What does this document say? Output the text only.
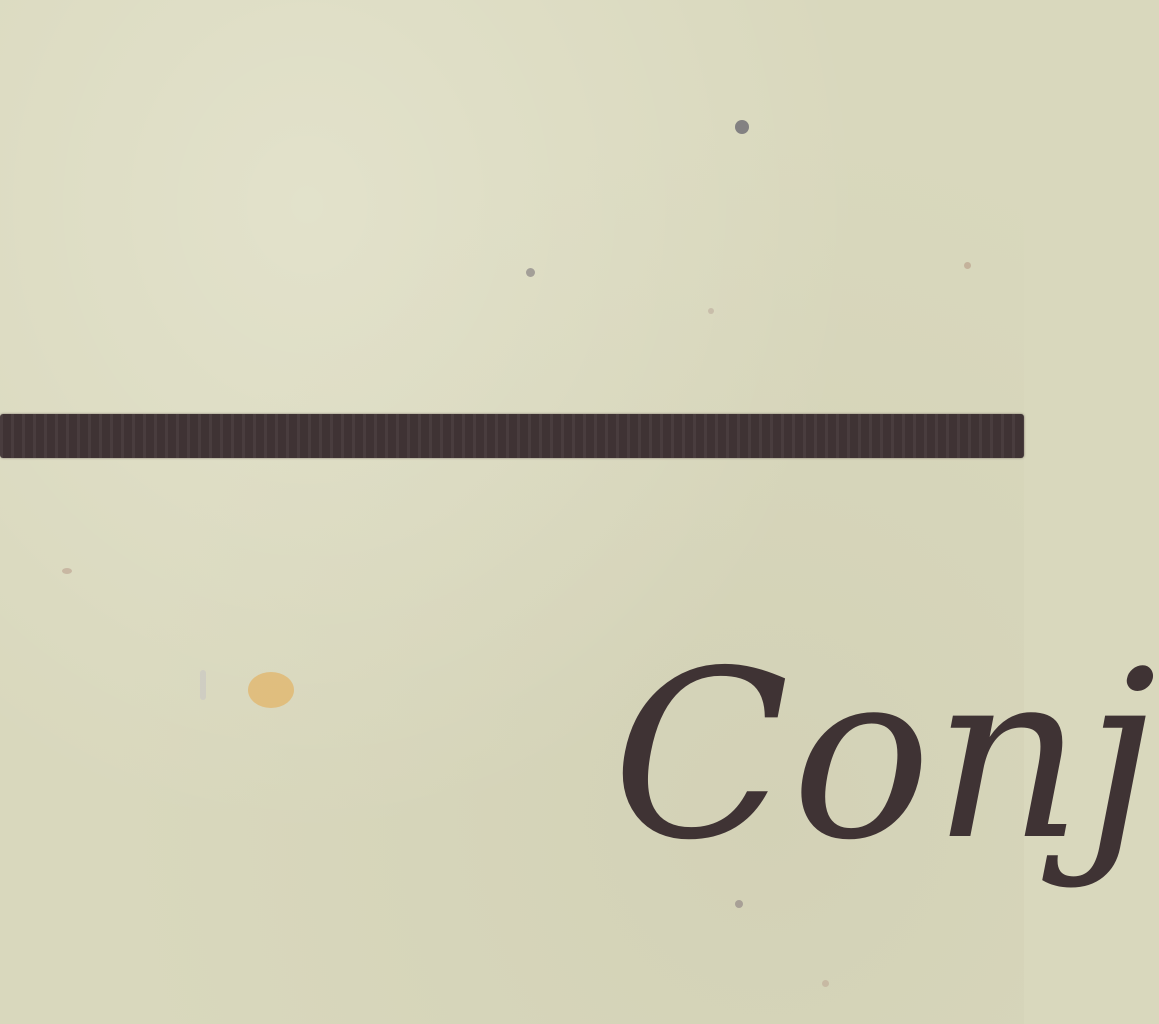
Conj
